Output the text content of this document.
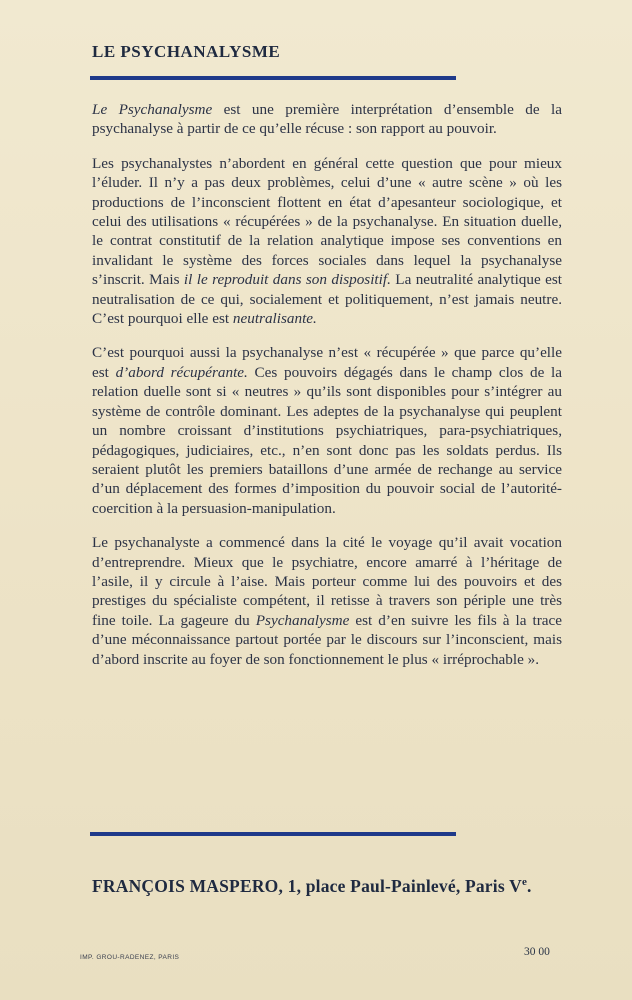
LE PSYCHANALYSME

Le Psychanalysme est une première interprétation d’ensemble de la psychanalyse à partir de ce qu’elle récuse : son rapport au pouvoir.

Les psychanalystes n’abordent en général cette question que pour mieux l’éluder. Il n’y a pas deux problèmes, celui d’une « autre scène » où les productions de l’inconscient flottent en état d’apesanteur sociologique, et celui des utilisations « récupérées » de la psychanalyse. En situation duelle, le contrat constitutif de la relation analytique impose ses conventions en invalidant le système des forces sociales dans lequel la psychanalyse s’inscrit. Mais il le reproduit dans son dispositif. La neutralité analytique est neutralisation de ce qui, socialement et politiquement, n’est jamais neutre. C’est pourquoi elle est neutralisante.

C’est pourquoi aussi la psychanalyse n’est « récupérée » que parce qu’elle est d’abord récupérante. Ces pouvoirs dégagés dans le champ clos de la relation duelle sont si « neutres » qu’ils sont disponibles pour s’intégrer au système de contrôle dominant. Les adeptes de la psychanalyse qui peuplent un nombre croissant d’institutions psychiatriques, para-psychiatriques, pédagogiques, judiciaires, etc., n’en sont donc pas les soldats perdus. Ils seraient plutôt les premiers bataillons d’une armée de rechange au service d’un déplacement des formes d’imposition du pouvoir social de l’autorité-coercition à la persuasion-manipulation.

Le psychanalyste a commencé dans la cité le voyage qu’il avait vocation d’entreprendre. Mieux que le psychiatre, encore amarré à l’héritage de l’asile, il y circule à l’aise. Mais porteur comme lui des pouvoirs et des prestiges du spécialiste compétent, il retisse à travers son périple une très fine toile. La gageure du Psychanalysme est d’en suivre les fils à la trace d’une méconnaissance partout portée par le discours sur l’inconscient, mais d’abord inscrite au foyer de son fonctionnement le plus « irréprochable ».

FRANÇOIS MASPERO, 1, place Paul-Painlevé, Paris Ve.
IMP. GROU-RADENEZ, PARIS	30 00
